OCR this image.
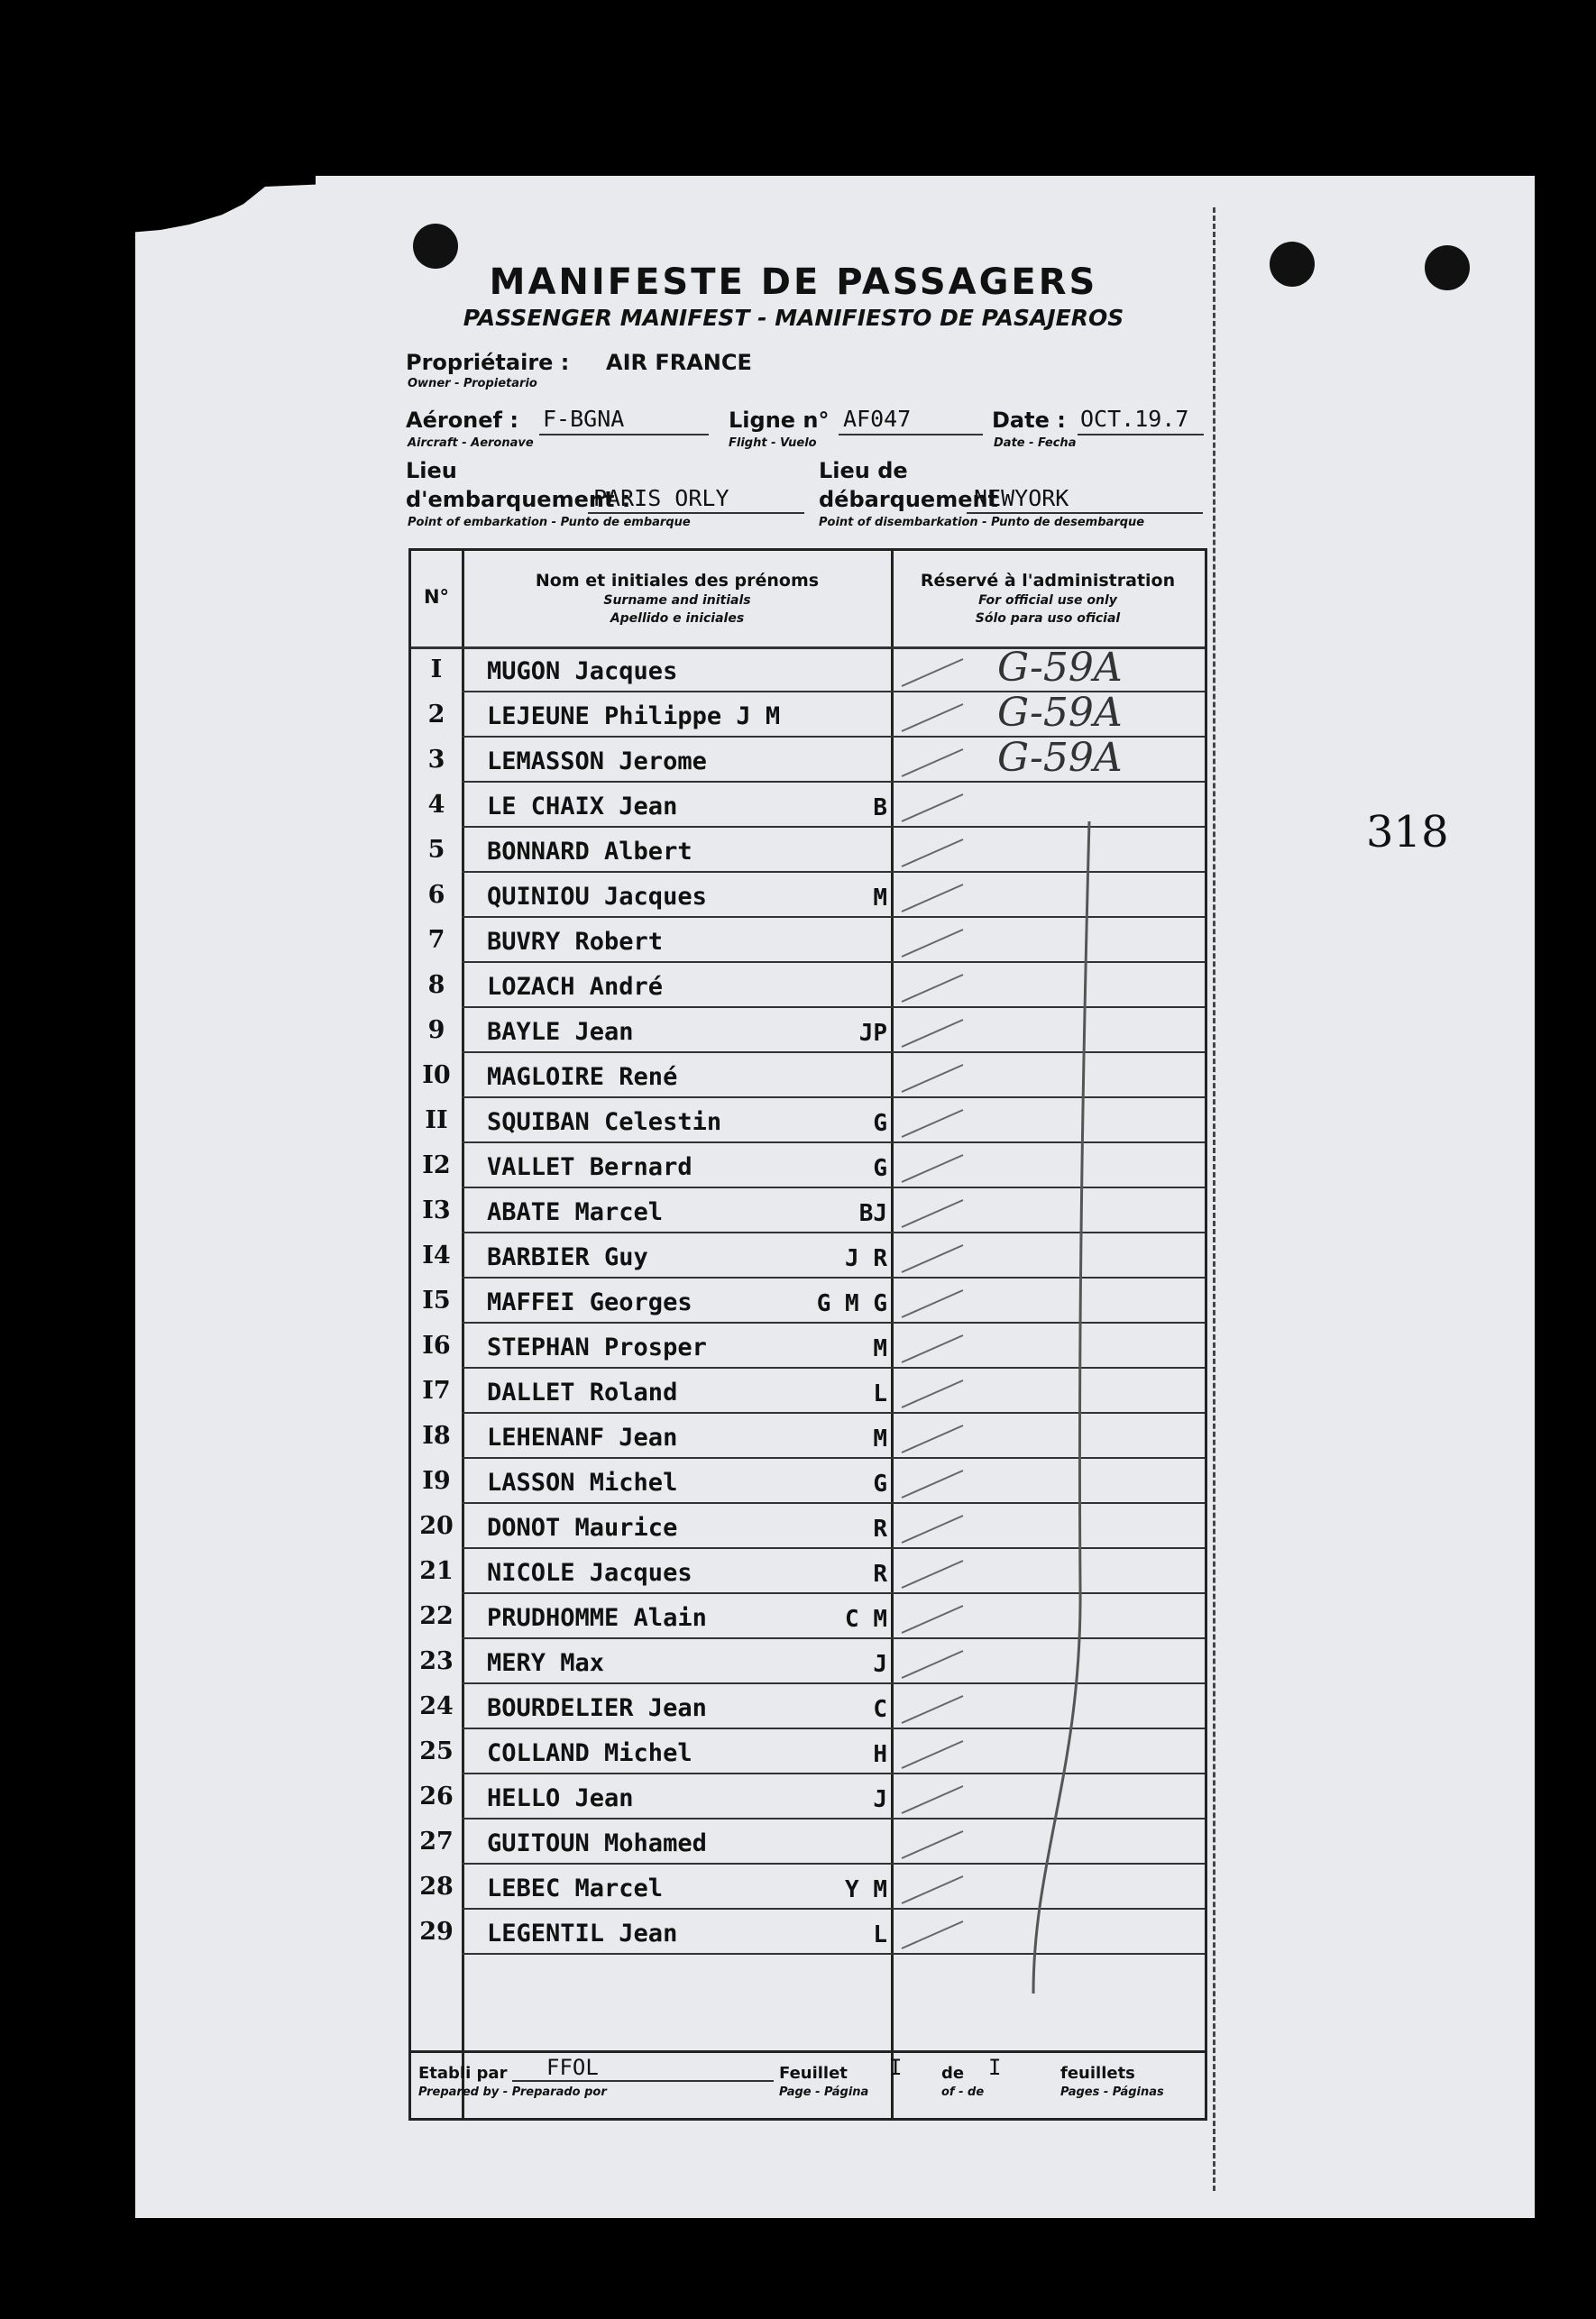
MANIFESTE DE PASSAGERS
PASSENGER MANIFEST - MANIFIESTO DE PASAJEROS
Propriétaire : AIR FRANCE
Owner - Propietario
Aéronef : F-BGNA
Aircraft - Aeronave
Ligne n° AF047
Flight - Vuelo
Date : OCT.19.7
Date - Fecha
Lieu
d'embarquement :
PARIS ORLY
Point of embarkation - Punto de embarque
Lieu de
débarquement
NEWYORK
Point of disembarkation - Punto de desembarque
N°
Nom et initiales des prénoms
Surname and initials
Apellido e iniciales
Réservé à l'administration
For official use only
Sólo para uso oficial
I	MUGON Jacques	G-59A
2	LEJEUNE Philippe J M	G-59A
3	LEMASSON Jerome	G-59A
4	LE CHAIX Jean	B
5	BONNARD Albert
6	QUINIOU Jacques	M
7	BUVRY Robert
8	LOZACH André
9	BAYLE Jean	JP
I0	MAGLOIRE René
II	SQUIBAN Celestin	G
I2	VALLET Bernard	G
I3	ABATE Marcel	BJ
I4	BARBIER Guy	J R
I5	MAFFEI Georges	G M G
I6	STEPHAN Prosper	M
I7	DALLET Roland	L
I8	LEHENANF Jean	M
I9	LASSON Michel	G
20	DONOT Maurice	R
21	NICOLE Jacques	R
22	PRUDHOMME Alain	C M
23	MERY Max	J
24	BOURDELIER Jean	C
25	COLLAND Michel	H
26	HELLO Jean	J
27	GUITOUN Mohamed
28	LEBEC Marcel	Y M
29	LEGENTIL Jean	L
Etabli par FFOL
Prepared by - Preparado por
Feuillet I
Page - Página
de I
of - de
feuillets
Pages - Páginas
318
